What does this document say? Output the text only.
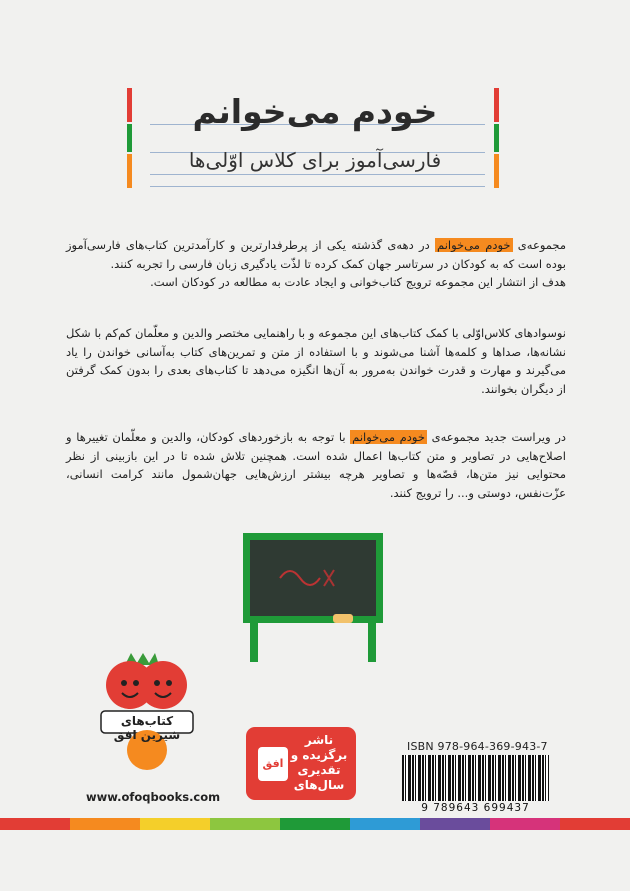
خودم می‌خوانم
فارسی‌آموز برای کلاس اوّلی‌ها
مجموعه‌ی خودم می‌خوانم در دهه‌ی گذشته یکی از پرطرفدارترین و کارآمدترین کتاب‌های فارسی‌آموز بوده است که به کودکان در سرتاسر جهان کمک کرده تا لذّت یادگیری زبان فارسی را تجربه کنند.
هدف از انتشار این مجموعه ترویج کتاب‌خوانی و ایجاد عادت به مطالعه در کودکان است.
نوسوادهای کلاس‌اوّلی با کمک کتاب‌های این مجموعه و با راهنمایی مختصر والدین و معلّمان کم‌کم با شکل نشانه‌ها، صداها و کلمه‌ها آشنا می‌شوند و با استفاده از متن و تمرین‌های کتاب به‌آسانی خواندن را یاد می‌گیرند و مهارت و قدرت خواندن به‌مرور به آن‌ها انگیزه می‌دهد تا کتاب‌های بعدی را بدون کمک گرفتن از دیگران بخوانند.
در ویراست جدید مجموعه‌ی خودم می‌خوانم با توجه به بازخوردهای کودکان، والدین و معلّمان تغییرها و اصلاح‌هایی در تصاویر و متن کتاب‌ها اعمال شده است. همچنین تلاش شده تا در این بازبینی از نظر محتوایی نیز متن‌ها، قصّه‌ها و تصاویر هرچه بیشتر ارزش‌هایی جهان‌شمول مانند کرامت انسانی، عزّت‌نفس، دوستی و... را ترویج کنند.
کتاب‌های شیرین افق
www.ofoqbooks.com
ناشر برگزیده و تقدیری سال‌های
افق
ISBN 978-964-369-943-7
9 789643 699437
